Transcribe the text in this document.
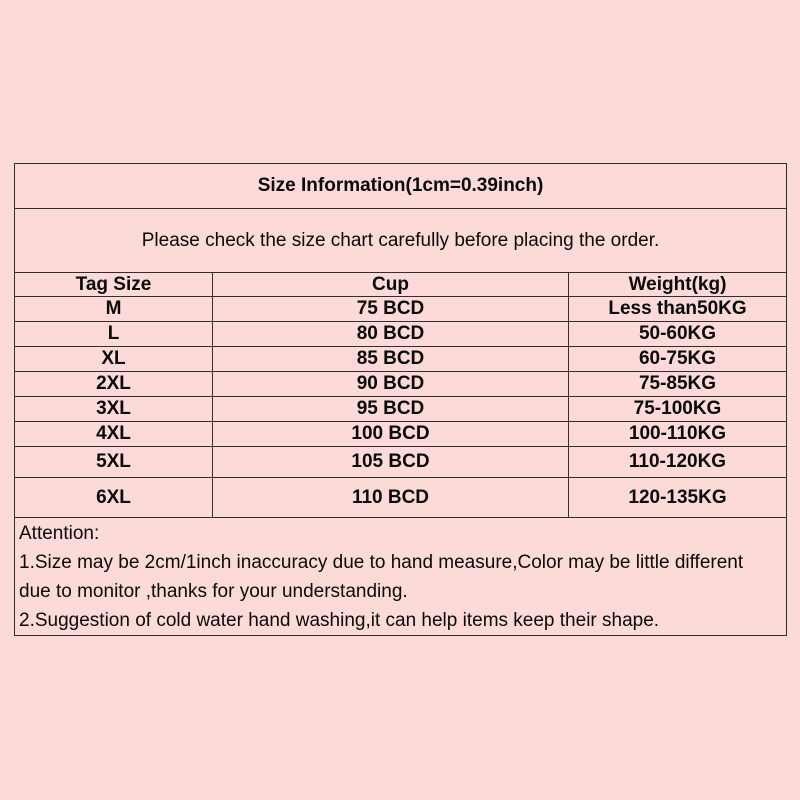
Size Information(1cm=0.39inch)		
Please check the size chart carefully before placing the order.		
Tag Size	Cup	Weight(kg)
M	75 BCD	Less than50KG
L	80 BCD	50-60KG
XL	85 BCD	60-75KG
2XL	90 BCD	75-85KG
3XL	95 BCD	75-100KG
4XL	100 BCD	100-110KG
5XL	105 BCD	110-120KG
6XL	110 BCD	120-135KG

Attention:
1.Size may be 2cm/1inch inaccuracy due to hand measure,Color may be little different due to monitor ,thanks for your understanding.
2.Suggestion of cold water hand washing,it can help items keep their shape.		
